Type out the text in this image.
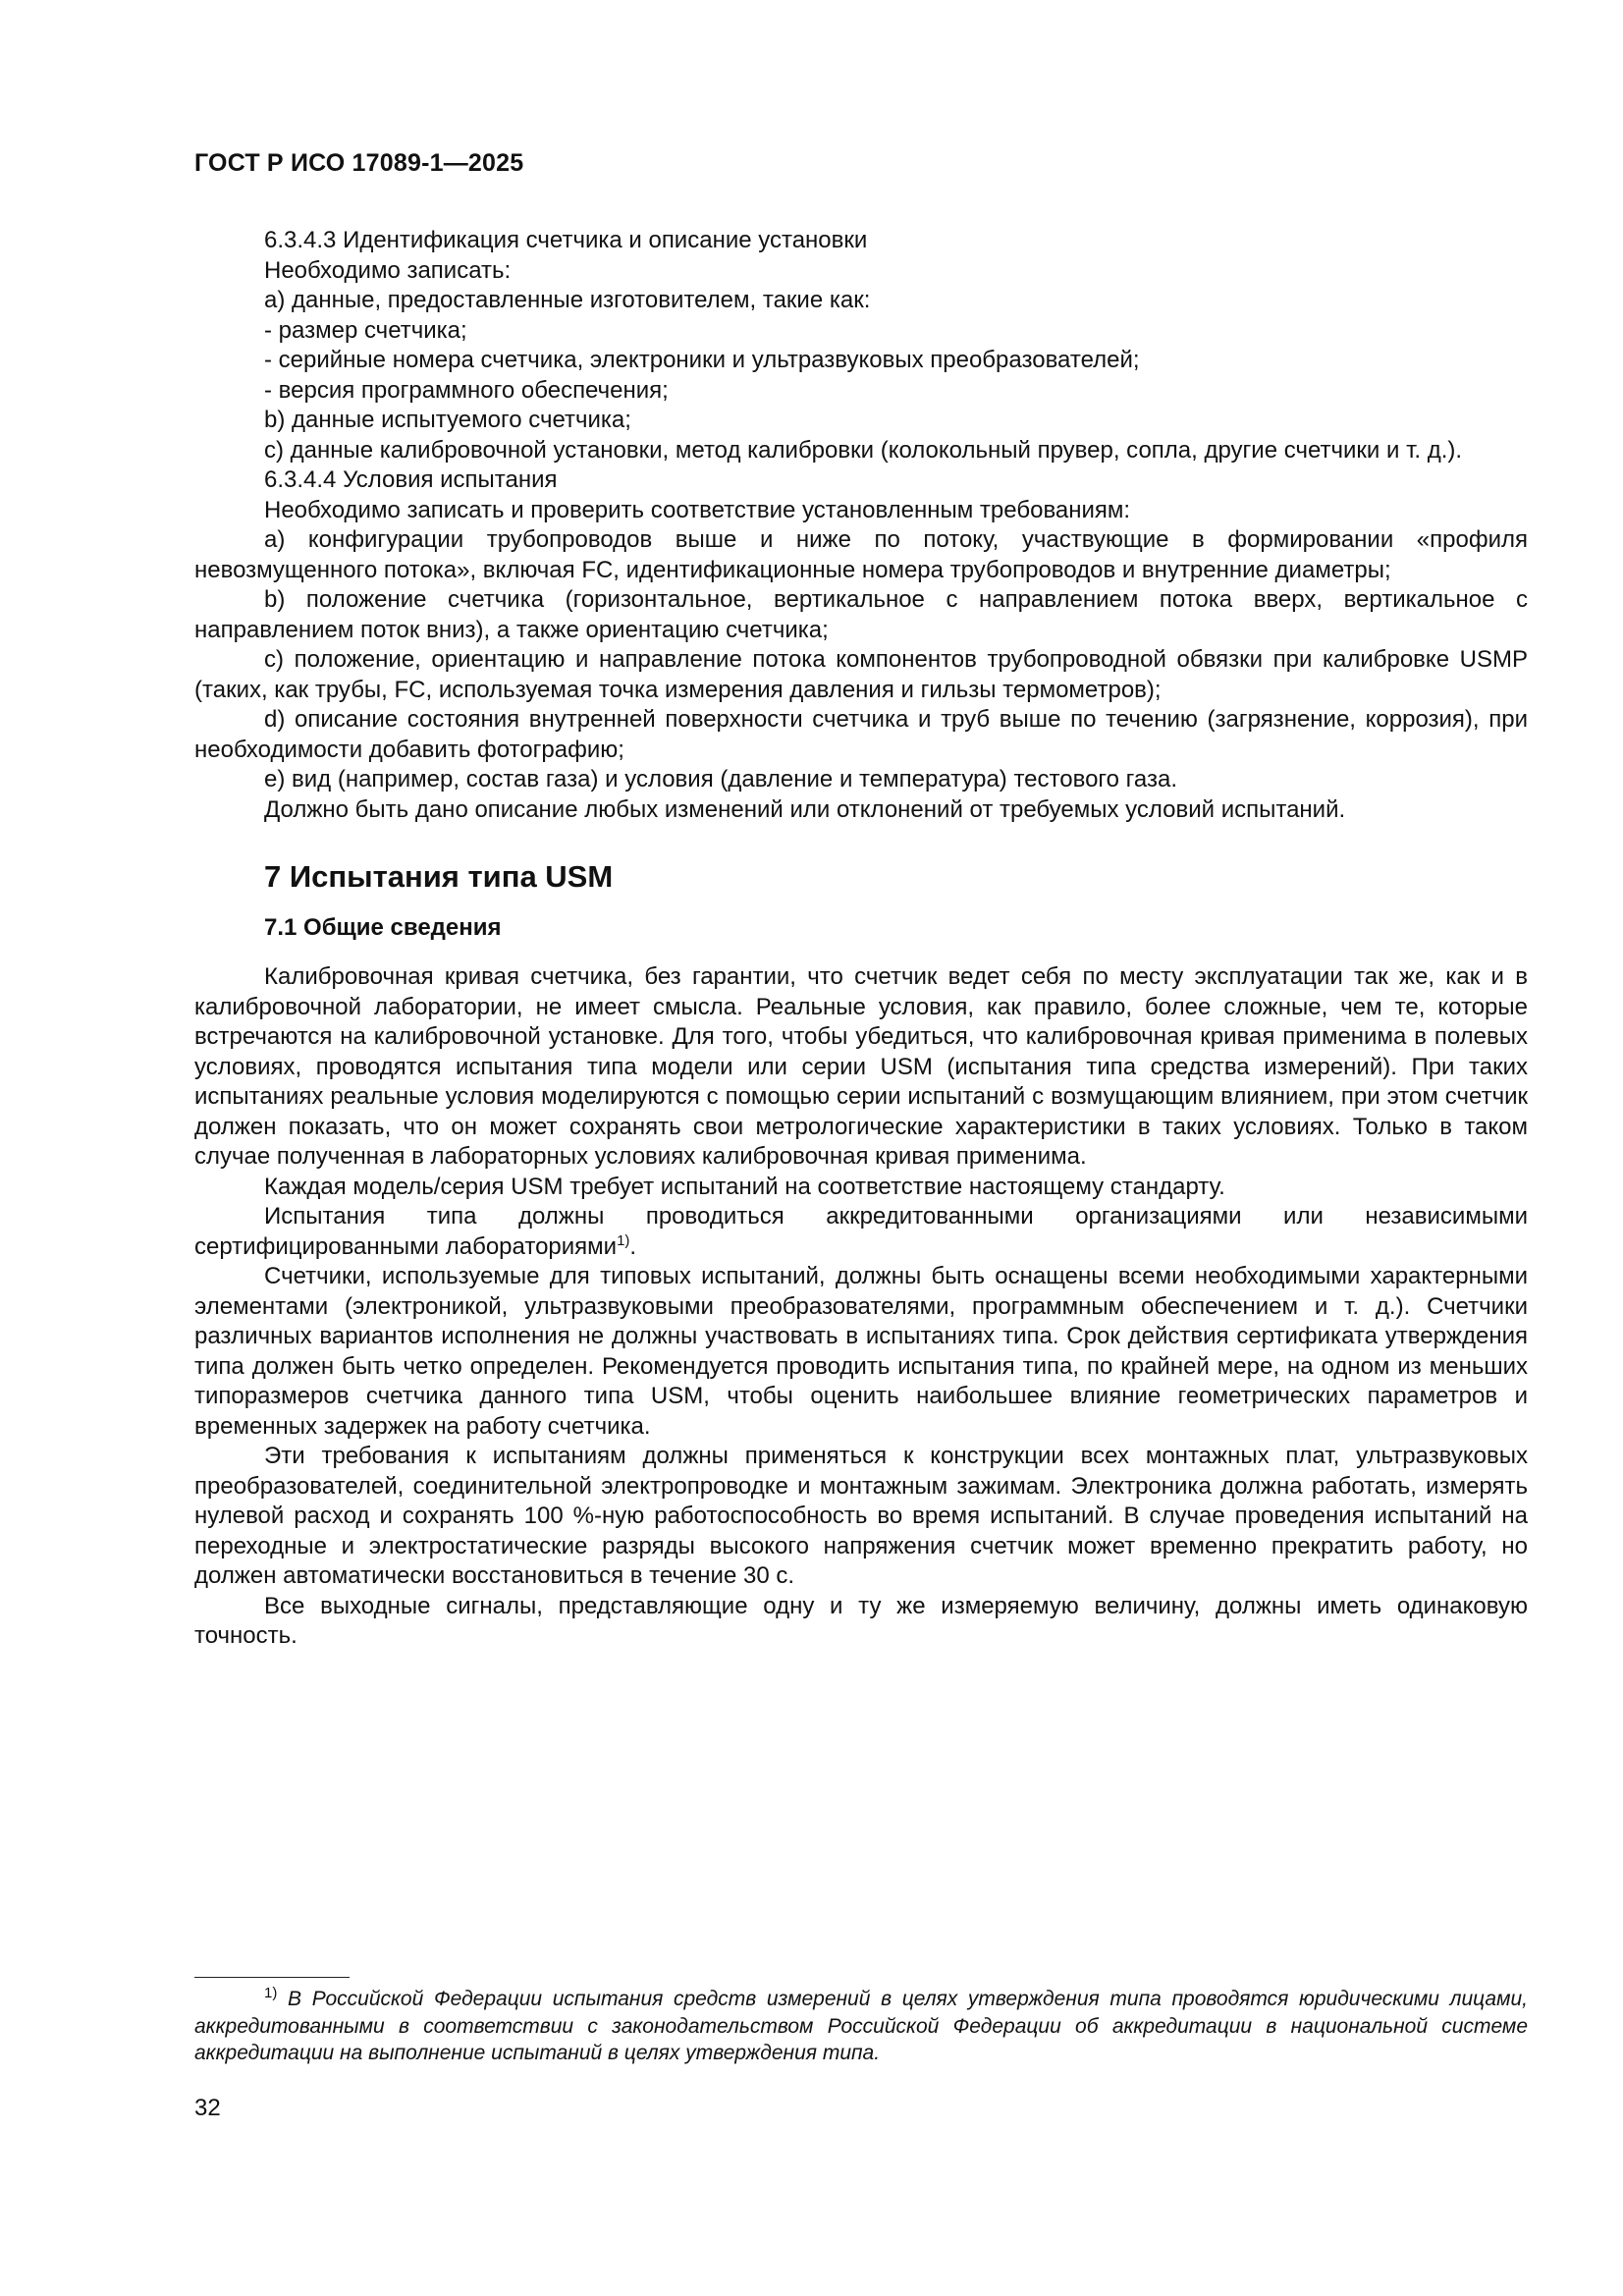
ГОСТ Р ИСО 17089-1—2025

6.3.4.3 Идентификация счетчика и описание установки

Необходимо записать:

a) данные, предоставленные изготовителем, такие как:

- размер счетчика;

- серийные номера счетчика, электроники и ультразвуковых преобразователей;

- версия программного обеспечения;

b) данные испытуемого счетчика;

c) данные калибровочной установки, метод калибровки (колокольный прувер, сопла, другие счетчики и т. д.).

6.3.4.4 Условия испытания

Необходимо записать и проверить соответствие установленным требованиям:

a) конфигурации трубопроводов выше и ниже по потоку, участвующие в формировании «профиля невозмущенного потока», включая FC, идентификационные номера трубопроводов и внутренние диаметры;

b) положение счетчика (горизонтальное, вертикальное с направлением потока вверх, вертикальное с направлением поток вниз), а также ориентацию счетчика;

c) положение, ориентацию и направление потока компонентов трубопроводной обвязки при калибровке USMP (таких, как трубы, FC, используемая точка измерения давления и гильзы термометров);

d) описание состояния внутренней поверхности счетчика и труб выше по течению (загрязнение, коррозия), при необходимости добавить фотографию;

e) вид (например, состав газа) и условия (давление и температура) тестового газа.

Должно быть дано описание любых изменений или отклонений от требуемых условий испытаний.

7 Испытания типа USM
7.1 Общие сведения

Калибровочная кривая счетчика, без гарантии, что счетчик ведет себя по месту эксплуатации так же, как и в калибровочной лаборатории, не имеет смысла. Реальные условия, как правило, более сложные, чем те, которые встречаются на калибровочной установке. Для того, чтобы убедиться, что калибровочная кривая применима в полевых условиях, проводятся испытания типа модели или серии USM (испытания типа средства измерений). При таких испытаниях реальные условия моделируются с помощью серии испытаний с возмущающим влиянием, при этом счетчик должен показать, что он может сохранять свои метрологические характеристики в таких условиях. Только в таком случае полученная в лабораторных условиях калибровочная кривая применима.

Каждая модель/серия USM требует испытаний на соответствие настоящему стандарту.

Испытания типа должны проводиться аккредитованными организациями или независимыми сертифицированными лабораториями$^{1)}$.

Счетчики, используемые для типовых испытаний, должны быть оснащены всеми необходимыми характерными элементами (электроникой, ультразвуковыми преобразователями, программным обеспечением и т. д.). Счетчики различных вариантов исполнения не должны участвовать в испытаниях типа. Срок действия сертификата утверждения типа должен быть четко определен. Рекомендуется проводить испытания типа, по крайней мере, на одном из меньших типоразмеров счетчика данного типа USM, чтобы оценить наибольшее влияние геометрических параметров и временных задержек на работу счетчика.

Эти требования к испытаниям должны применяться к конструкции всех монтажных плат, ультразвуковых преобразователей, соединительной электропроводке и монтажным зажимам. Электроника должна работать, измерять нулевой расход и сохранять 100 %-ную работоспособность во время испытаний. В случае проведения испытаний на переходные и электростатические разряды высокого напряжения счетчик может временно прекратить работу, но должен автоматически восстановиться в течение 30 с.

Все выходные сигналы, представляющие одну и ту же измеряемую величину, должны иметь одинаковую точность.

$^{1)}$ В Российской Федерации испытания средств измерений в целях утверждения типа проводятся юридическими лицами, аккредитованными в соответствии с законодательством Российской Федерации об аккредитации в национальной системе аккредитации на выполнение испытаний в целях утверждения типа.

32
